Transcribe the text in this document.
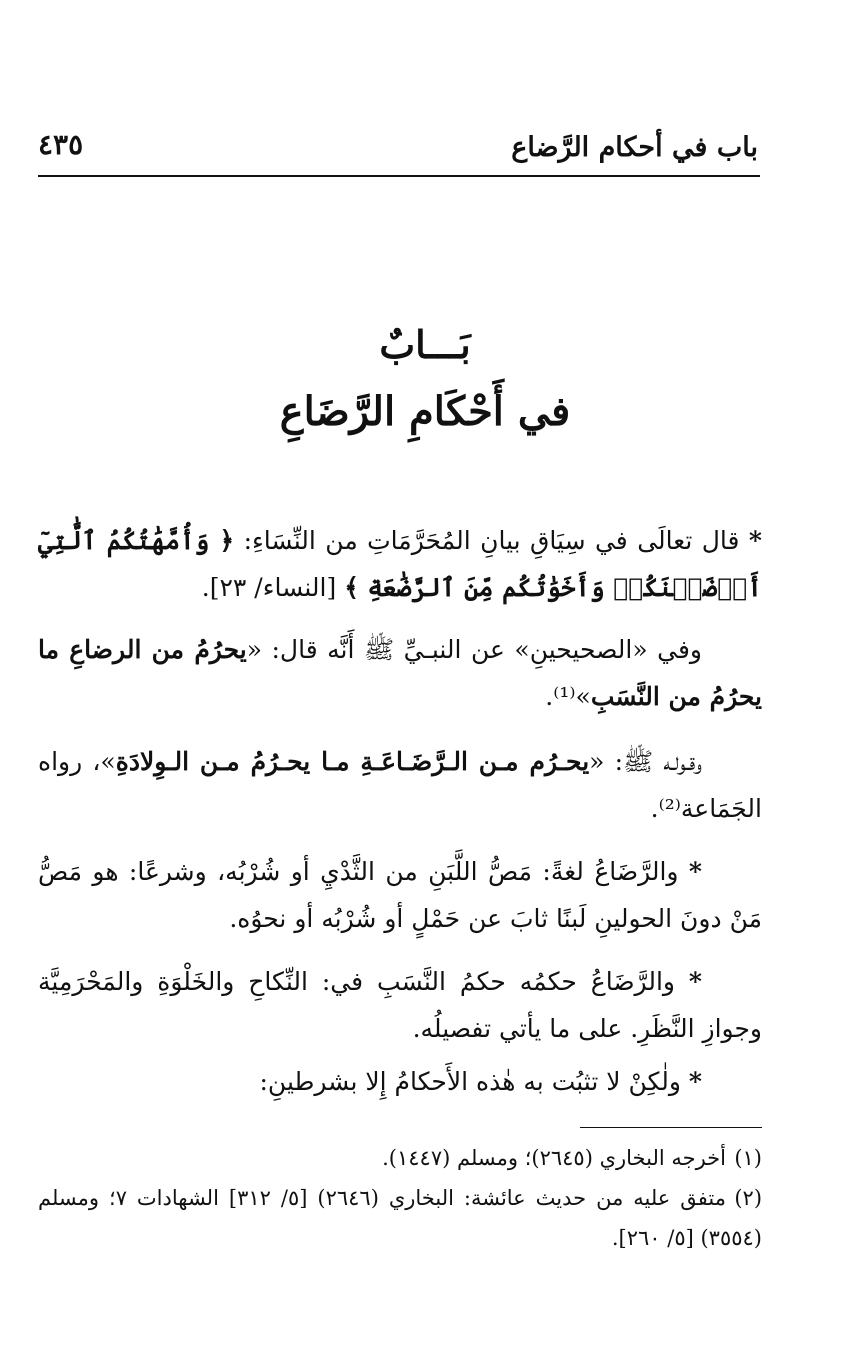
باب في أحكام الرَّضاع
٤٣٥
بَـــابٌ
في أَحْكَامِ الرَّضَاعِ

* قال تعالَى في سِيَاقِ بيانِ المُحَرَّمَاتِ من النِّسَاءِ: ﴿ وَأُمَّهَٰتُكُمُ ٱلَّٰتِيٓ أَرۡضَعۡنَكُمۡ وَأَخَوَٰتُكُم مِّنَ ٱلرَّضَٰعَةِ ﴾ [النساء/ ٢٣].

وفي «الصحيحينِ» عن النبـيِّ ﷺ أَنَّه قال: «يحرُمُ من الرضاعِ ما يحرُمُ من النَّسَبِ»⁽¹⁾.

وقـولـه ﷺ: «يحـرُم مـن الـرَّضَـاعَـةِ مـا يحـرُمُ مـن الـوِلادَةِ»، رواه الجَمَاعة⁽²⁾.

* والرَّضَاعُ لغةً: مَصُّ اللَّبَنِ من الثَّدْيِ أو شُرْبُه، وشرعًا: هو مَصُّ مَنْ دونَ الحولينِ لَبنًا ثابَ عن حَمْلٍ أو شُرْبُه أو نحوُه.

* والرَّضَاعُ حكمُه حكمُ النَّسَبِ في: النِّكاحِ والخَلْوَةِ والمَحْرَمِيَّة وجوازِ النَّظَرِ. على ما يأتي تفصيلُه.

* ولٰكِنْ لا تثبُت به هٰذه الأَحكامُ إِلا بشرطينِ:

(١)أخرجه البخاري (٢٦٤٥)؛ ومسلم (١٤٤٧).

(٢)متفق عليه من حديث عائشة: البخاري (٢٦٤٦) [٥/ ٣١٢] الشهادات ٧؛ ومسلم (٣٥٥٤) [٥/ ٢٦٠].
